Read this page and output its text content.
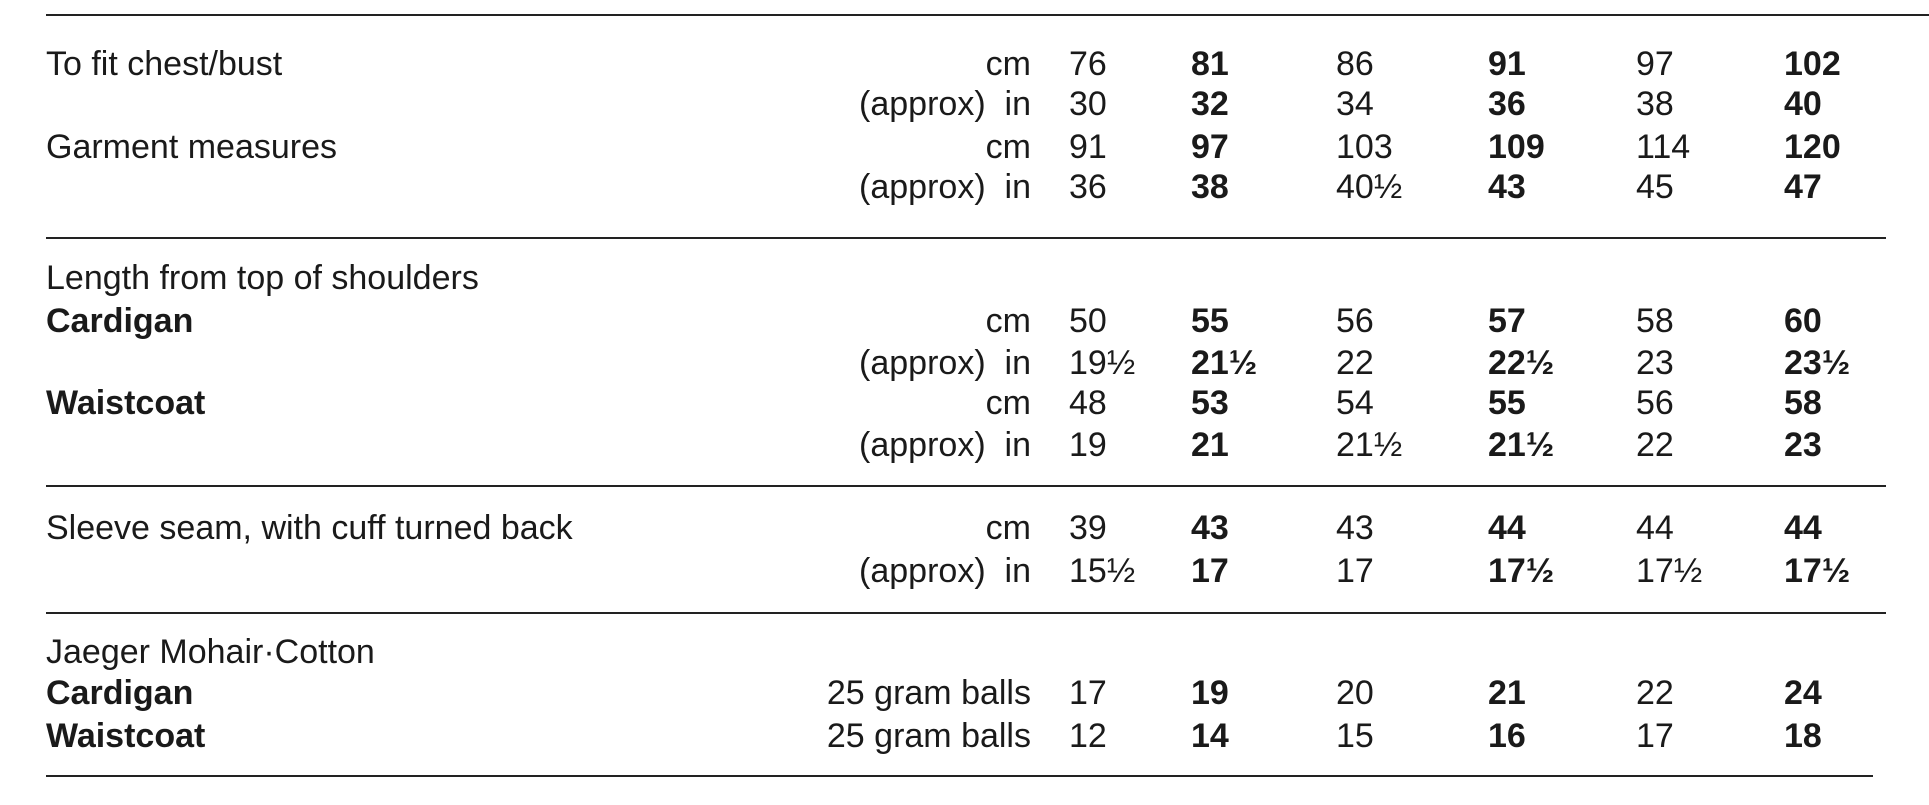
To fit chest/bust	cm 76 81	86	91	97	102
(approx)  in 30 32	34	36	38	40
Garment measures	cm 91 97	103	109	114	120
(approx)  in 36 38	40½	43	45	47
Length from top of shoulders
Cardigan	cm 50 55	56	57	58	60
(approx)  in 19½ 21½ 22	22½ 23	23½
Waistcoat	cm 48 53	54	55	56	58
(approx)  in 19 21	21½	21½ 22	23
Sleeve seam, with cuff turned back	cm 39 43	43	44	44	44
(approx)  in 15½ 17	17	17½ 17½ 17½
Jaeger Mohair·Cotton
Cardigan	25 gram balls 17 19	20	21	22	24
Waistcoat	25 gram balls 12 14	15	16	17	18
